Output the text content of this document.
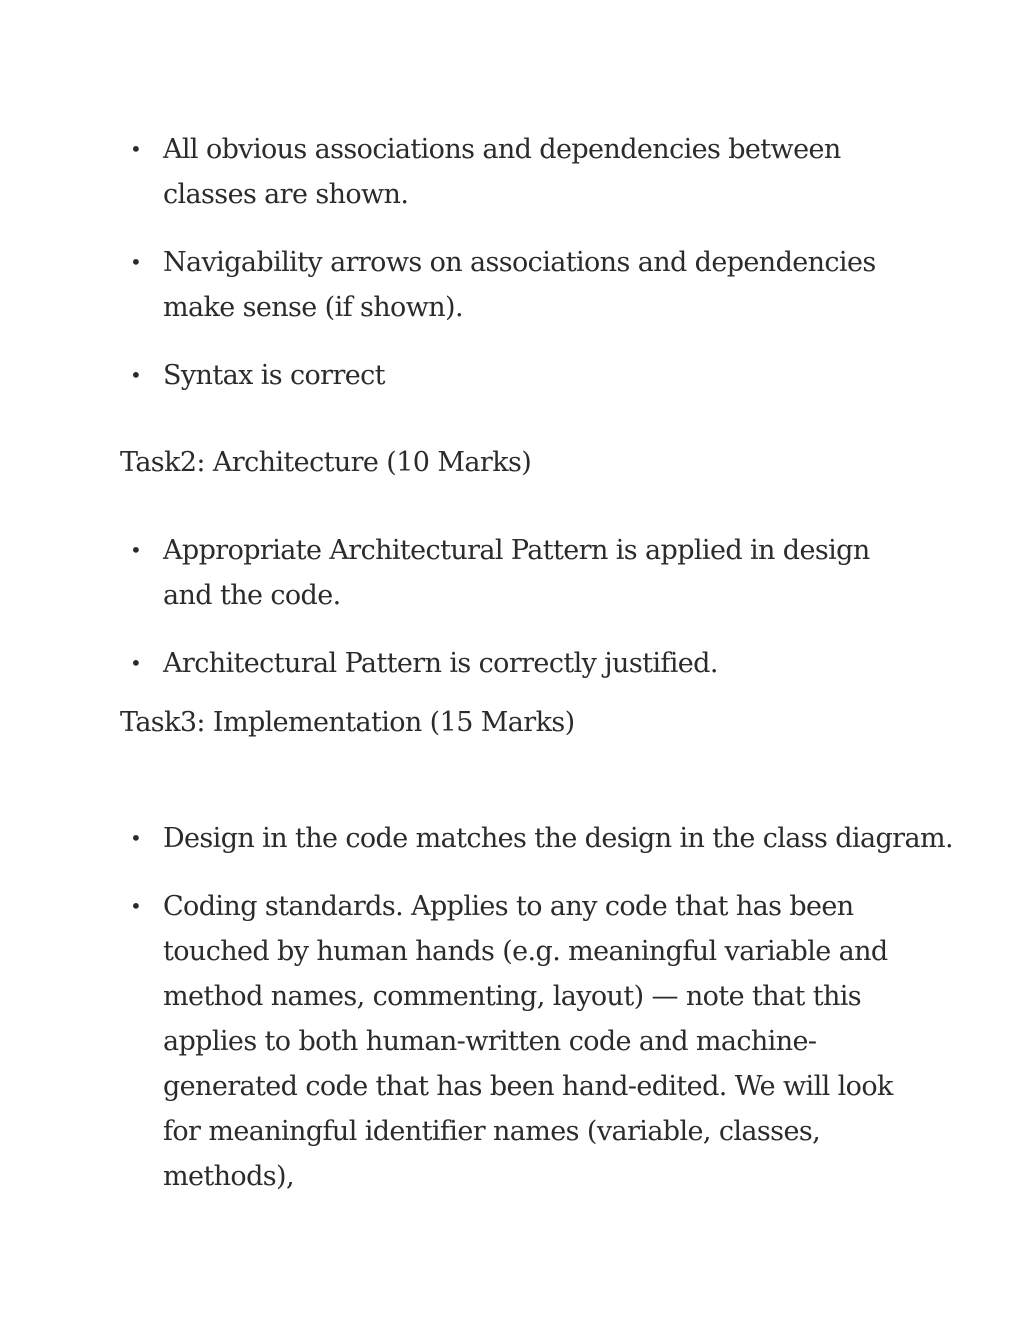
• All obvious associations and dependencies between classes are shown.
• Navigability arrows on associations and dependencies make sense (if shown).
• Syntax is correct
Task2: Architecture (10 Marks)
• Appropriate Architectural Pattern is applied in design and the code.
• Architectural Pattern is correctly justified.
Task3: Implementation (15 Marks)
• Design in the code matches the design in the class diagram.
• Coding standards. Applies to any code that has been touched by human hands (e.g. meaningful variable and method names, commenting, layout) — note that this applies to both human-written code and machine-generated code that has been hand-edited. We will look for meaningful identifier names (variable, classes, methods),
